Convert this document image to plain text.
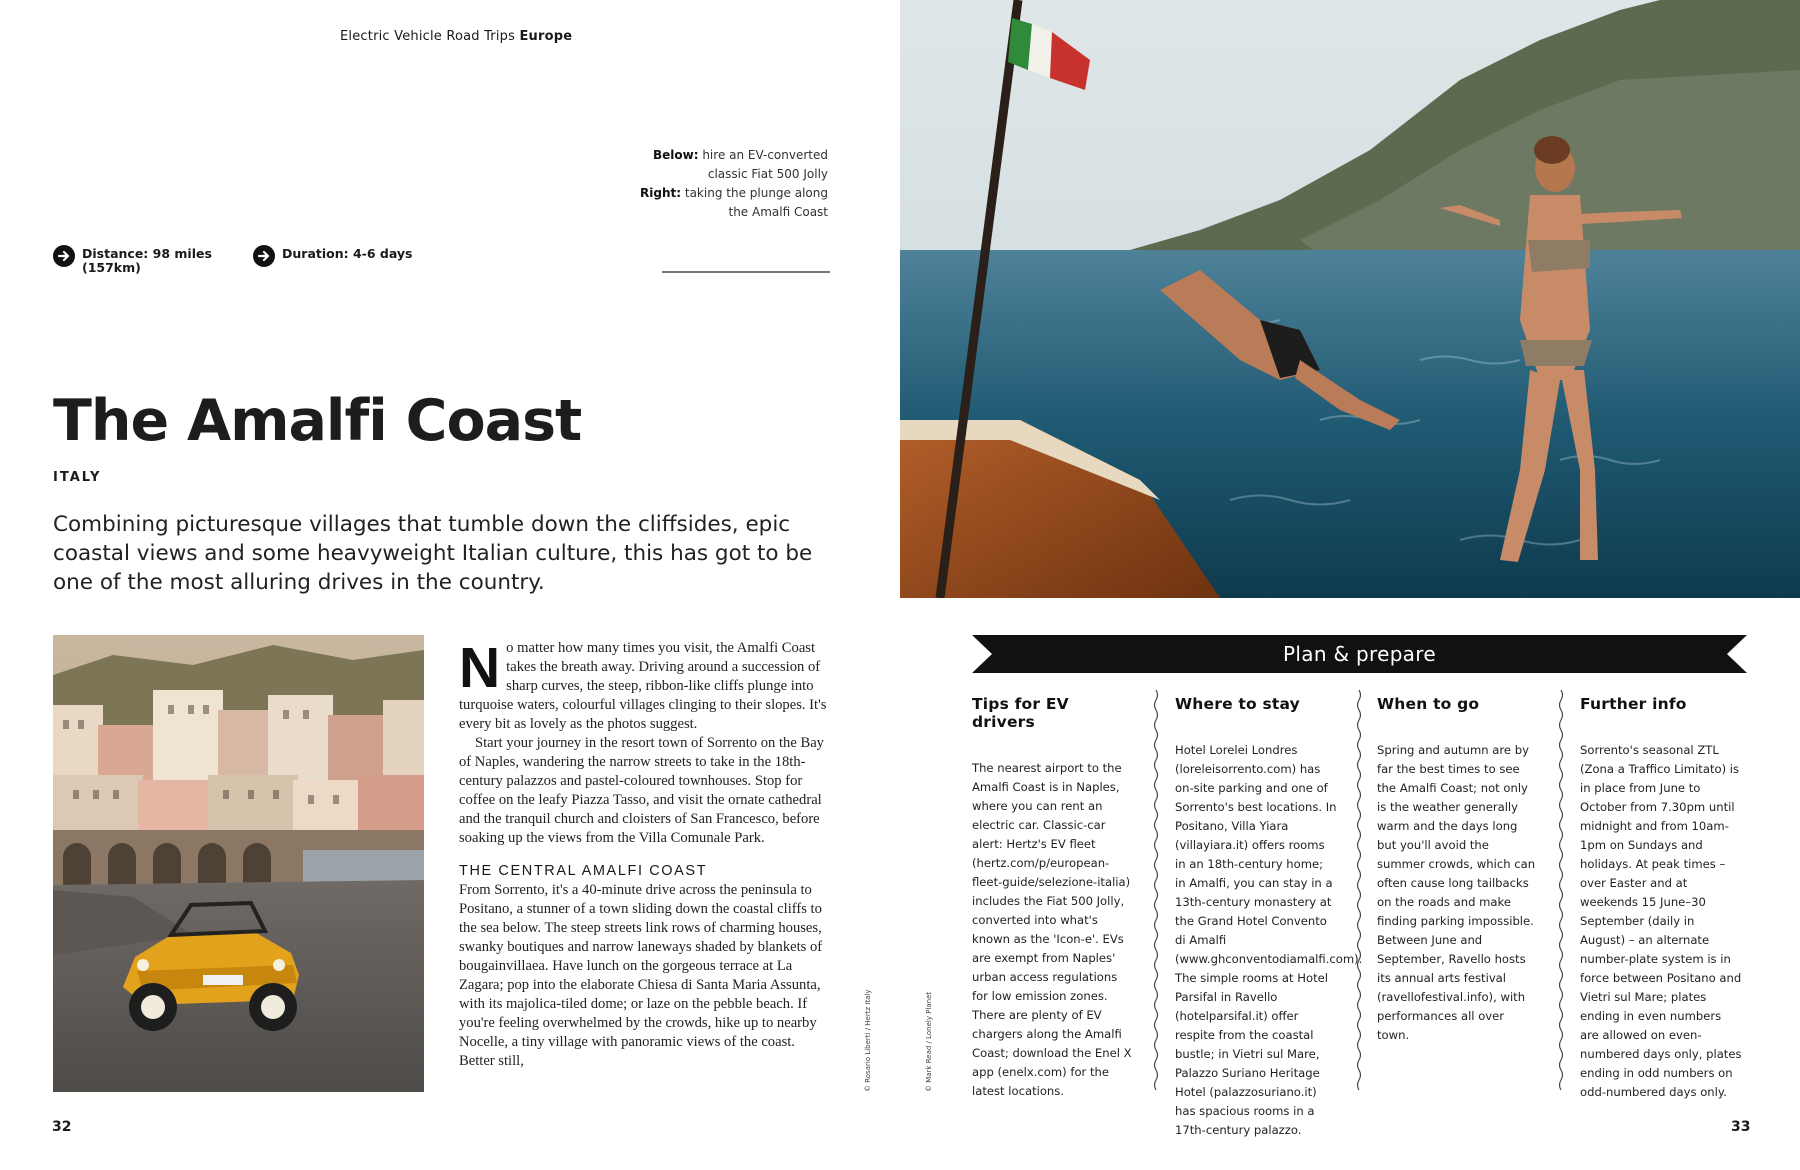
Electric Vehicle Road Trips Europe
Distance: 98 miles (157km)
Duration: 4-6 days
Below: hire an EV-converted classic Fiat 500 Jolly
Right: taking the plunge along the Amalfi Coast
The Amalfi Coast
ITALY
Combining picturesque villages that tumble down the cliffsides, epic coastal views and some heavyweight Italian culture, this has got to be one of the most alluring drives in the country.

N o matter how many times you visit, the Amalfi Coast takes the breath away. Driving around a succession of sharp curves, the steep, ribbon-like cliffs plunge into turquoise waters, colourful villages clinging to their slopes. It's every bit as lovely as the photos suggest.

Start your journey in the resort town of Sorrento on the Bay of Naples, wandering the narrow streets to take in the 18th-century palazzos and pastel-coloured townhouses. Stop for coffee on the leafy Piazza Tasso, and visit the ornate cathedral and the tranquil church and cloisters of San Francesco, before soaking up the views from the Villa Comunale Park.

THE CENTRAL AMALFI COAST

From Sorrento, it's a 40-minute drive across the peninsula to Positano, a stunner of a town sliding down the coastal cliffs to the sea below. The steep streets link rows of charming houses, swanky boutiques and narrow laneways shaded by blankets of bougainvillaea. Have lunch on the gorgeous terrace at La Zagara; pop into the elaborate Chiesa di Santa Maria Assunta, with its majolica-tiled dome; or laze on the pebble beach. If you're feeling overwhelmed by the crowds, hike up to nearby Nocelle, a tiny village with panoramic views of the coast. Better still,	© Rosario Liberti / Hertz Italy	© Mark Read / Lonely Planet
32
Plan & prepare
Tips for EV drivers

The nearest airport to the Amalfi Coast is in Naples, where you can rent an electric car. Classic-car alert: Hertz's EV fleet (hertz.com/p/european-fleet-guide/selezione-italia) includes the Fiat 500 Jolly, converted into what's known as the 'Icon-e'. EVs are exempt from Naples' urban access regulations for low emission zones. There are plenty of EV chargers along the Amalfi Coast; download the Enel X app (enelx.com) for the latest locations.

Where to stay

Hotel Lorelei Londres (loreleisorrento.com) has on-site parking and one of Sorrento's best locations. In Positano, Villa Yiara (villayiara.it) offers rooms in an 18th-century home; in Amalfi, you can stay in a 13th-century monastery at the Grand Hotel Convento di Amalfi (www.ghconventodiamalfi.com). The simple rooms at Hotel Parsifal in Ravello (hotelparsifal.it) offer respite from the coastal bustle; in Vietri sul Mare, Palazzo Suriano Heritage Hotel (palazzosuriano.it) has spacious rooms in a 17th-century palazzo.

When to go

Spring and autumn are by far the best times to see the Amalfi Coast; not only is the weather generally warm and the days long but you'll avoid the summer crowds, which can often cause long tailbacks on the roads and make finding parking impossible. Between June and September, Ravello hosts its annual arts festival (ravellofestival.info), with performances all over town.

Further info

Sorrento's seasonal ZTL (Zona a Traffico Limitato) is in place from June to October from 7.30pm until midnight and from 10am-1pm on Sundays and holidays. At peak times – over Easter and at weekends 15 June–30 September (daily in August) – an alternate number-plate system is in force between Positano and Vietri sul Mare; plates ending in even numbers are allowed on even-numbered days only, plates ending in odd numbers on odd-numbered days only.

33
